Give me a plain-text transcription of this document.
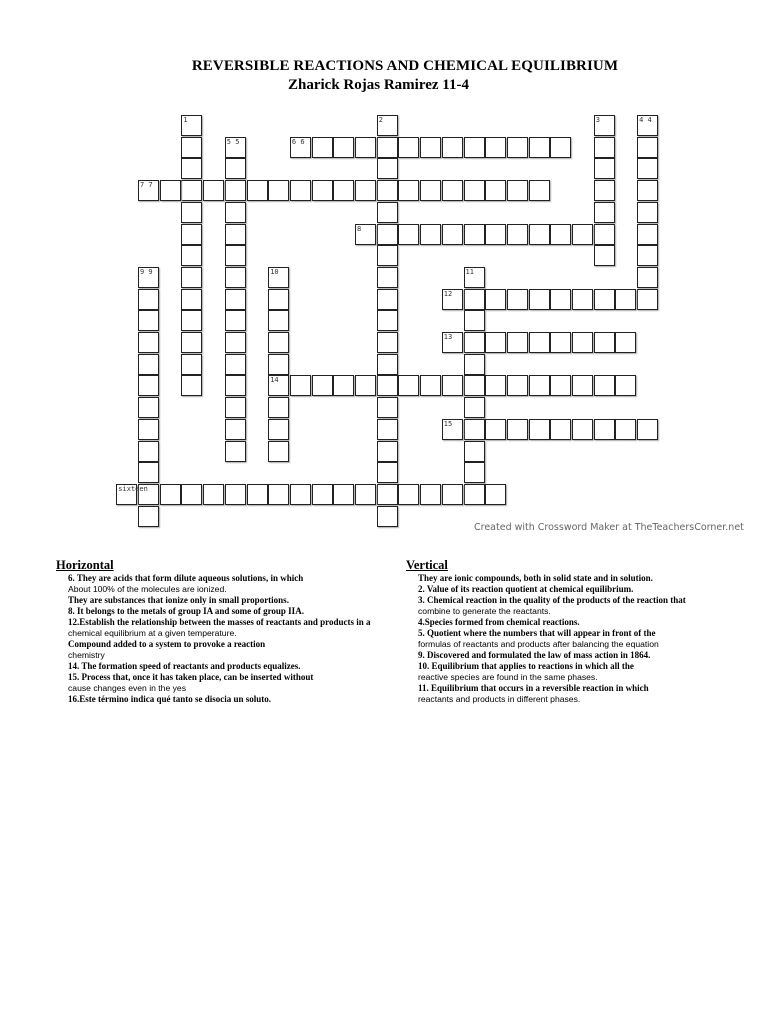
REVERSIBLE REACTIONS AND CHEMICAL EQUILIBRIUM
Zharick Rojas Ramirez 11-4
1	2	3	4 4
5 5	6 6
7 7
8
9 9	10
14
11
12
13
15
sixteen
Created with Crossword Maker at TheTeachersCorner.net
Horizontal
6. They are acids that form dilute aqueous solutions, in which
About 100% of the molecules are ionized.
They are substances that ionize only in small proportions.
8. It belongs to the metals of group IA and some of group IIA.
12.Establish the relationship between the masses of reactants and products in a
chemical equilibrium at a given temperature.
Compound added to a system to provoke a reaction
chemistry
14. The formation speed of reactants and products equalizes.
15. Process that, once it has taken place, can be inserted without
cause changes even in the yes
16.Este término indica qué tanto se disocia un soluto.
Vertical
They are ionic compounds, both in solid state and in solution.
2. Value of its reaction quotient at chemical equilibrium.
3. Chemical reaction in the quality of the products of the reaction that
combine to generate the reactants.
4.Species formed from chemical reactions.
5. Quotient where the numbers that will appear in front of the
formulas of reactants and products after balancing the equation
9. Discovered and formulated the law of mass action in 1864.
10. Equilibrium that applies to reactions in which all the
reactive species are found in the same phases.
11. Equilibrium that occurs in a reversible reaction in which
reactants and products in different phases.
